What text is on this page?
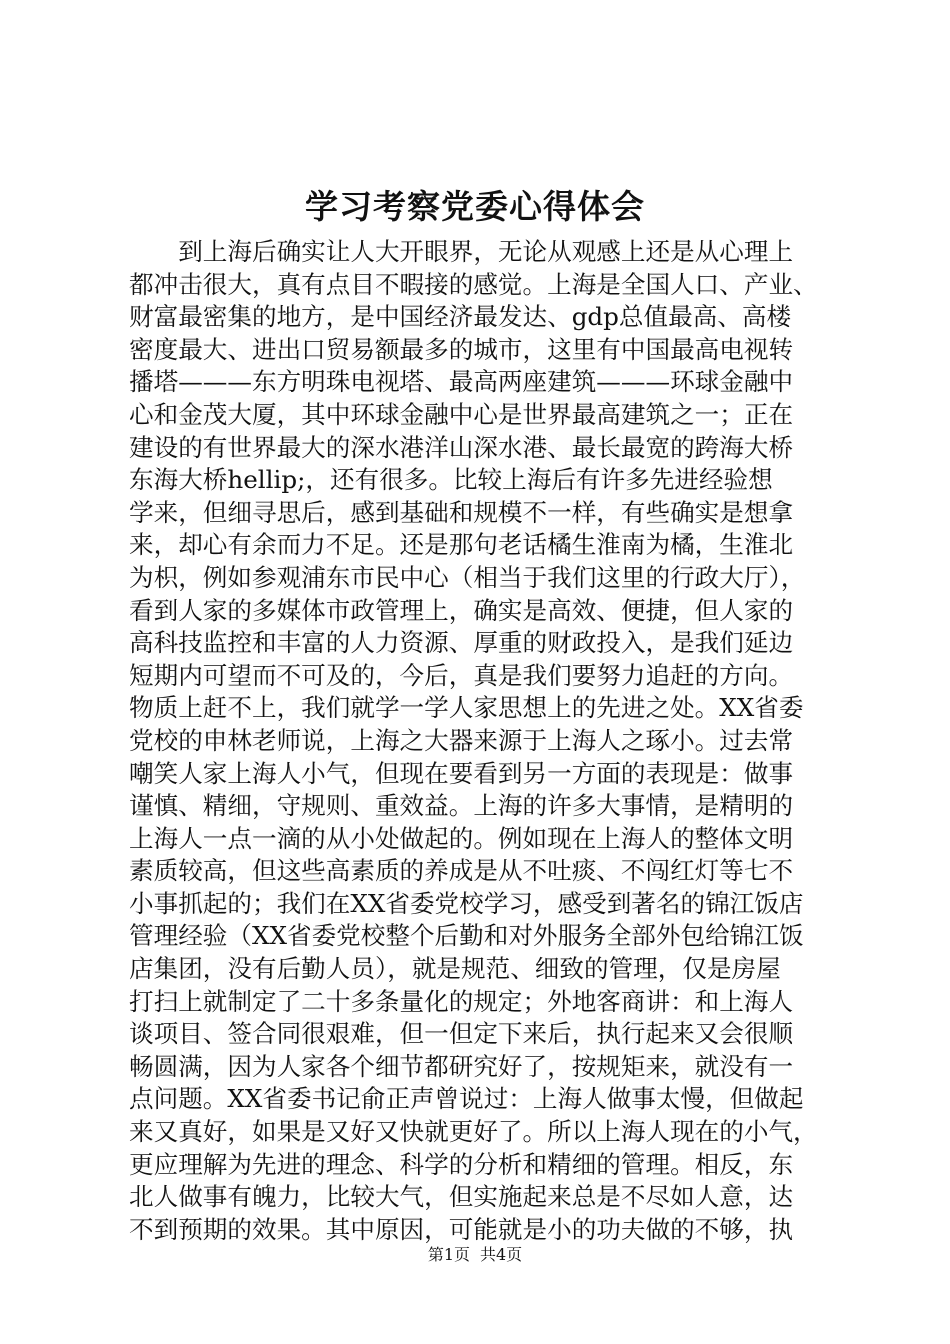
学习考察党委心得体会
　　到上海后确实让人大开眼界，无论从观感上还是从心理上
都冲击很大，真有点目不暇接的感觉。上海是全国人口、产业、
财富最密集的地方，是中国经济最发达、gdp总值最高、高楼
密度最大、进出口贸易额最多的城市，这里有中国最高电视转
播塔———东方明珠电视塔、最高两座建筑———环球金融中
心和金茂大厦，其中环球金融中心是世界最高建筑之一；正在
建设的有世界最大的深水港洋山深水港、最长最宽的跨海大桥
东海大桥hellip;，还有很多。比较上海后有许多先进经验想
学来，但细寻思后，感到基础和规模不一样，有些确实是想拿
来，却心有余而力不足。还是那句老话橘生淮南为橘，生淮北
为枳，例如参观浦东市民中心（相当于我们这里的行政大厅），
看到人家的多媒体市政管理上，确实是高效、便捷，但人家的
高科技监控和丰富的人力资源、厚重的财政投入，是我们延边
短期内可望而不可及的，今后，真是我们要努力追赶的方向。
物质上赶不上，我们就学一学人家思想上的先进之处。XX省委
党校的申林老师说，上海之大器来源于上海人之琢小。过去常
嘲笑人家上海人小气，但现在要看到另一方面的表现是：做事
谨慎、精细，守规则、重效益。上海的许多大事情，是精明的
上海人一点一滴的从小处做起的。例如现在上海人的整体文明
素质较高，但这些高素质的养成是从不吐痰、不闯红灯等七不
小事抓起的；我们在XX省委党校学习，感受到著名的锦江饭店
管理经验（XX省委党校整个后勤和对外服务全部外包给锦江饭
店集团，没有后勤人员），就是规范、细致的管理，仅是房屋
打扫上就制定了二十多条量化的规定；外地客商讲：和上海人
谈项目、签合同很艰难，但一但定下来后，执行起来又会很顺
畅圆满，因为人家各个细节都研究好了，按规矩来，就没有一
点问题。XX省委书记俞正声曾说过：上海人做事太慢，但做起
来又真好，如果是又好又快就更好了。所以上海人现在的小气，
更应理解为先进的理念、科学的分析和精细的管理。相反，东
北人做事有魄力，比较大气，但实施起来总是不尽如人意，达
不到预期的效果。其中原因，可能就是小的功夫做的不够，执
第1页 共4页
